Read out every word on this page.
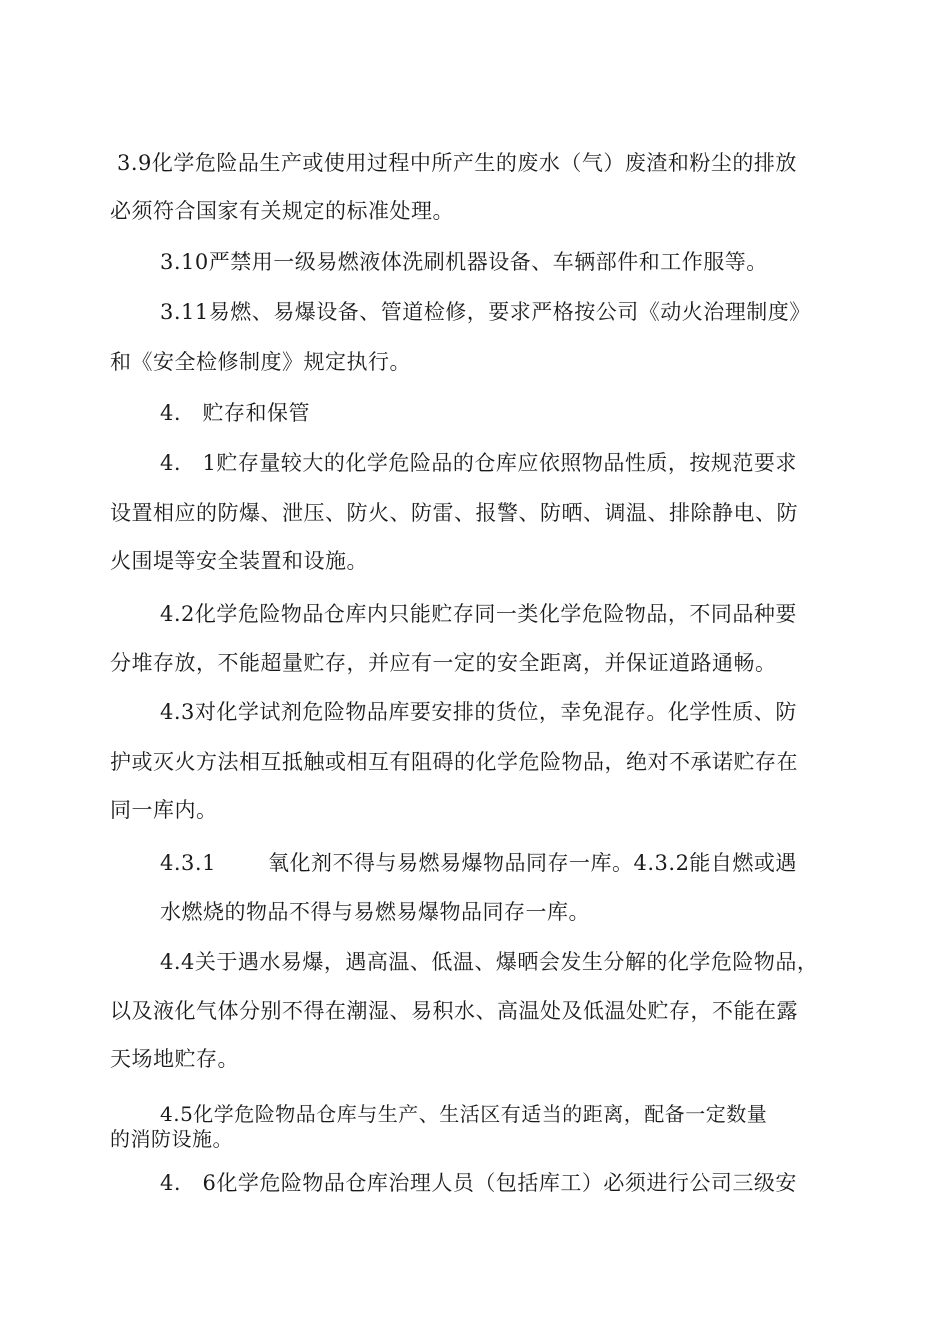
3.9化学危险品生产或使用过程中所产生的废水（气）废渣和粉尘的排放
必须符合国家有关规定的标准处理。
3.10严禁用一级易燃液体洗刷机器设备、车辆部件和工作服等。
3.11易燃、易爆设备、管道检修，要求严格按公司《动火治理制度》
和《安全检修制度》规定执行。
4.　贮存和保管
4.　1贮存量较大的化学危险品的仓库应依照物品性质，按规范要求
设置相应的防爆、泄压、防火、防雷、报警、防晒、调温、排除静电、防
火围堤等安全装置和设施。
4.2化学危险物品仓库内只能贮存同一类化学危险物品，不同品种要
分堆存放，不能超量贮存，并应有一定的安全距离，并保证道路通畅。
4.3对化学试剂危险物品库要安排的货位，幸免混存。化学性质、防
护或灭火方法相互抵触或相互有阻碍的化学危险物品，绝对不承诺贮存在
同一库内。
4.3.1 氧化剂不得与易燃易爆物品同存一库。4.3.2能自燃或遇
水燃烧的物品不得与易燃易爆物品同存一库。
4.4关于遇水易爆，遇高温、低温、爆晒会发生分解的化学危险物品，
以及液化气体分别不得在潮湿、易积水、高温处及低温处贮存，不能在露
天场地贮存。
4.5化学危险物品仓库与生产、生活区有适当的距离，配备一定数量
的消防设施。
4.　6化学危险物品仓库治理人员（包括库工）必须进行公司三级安
